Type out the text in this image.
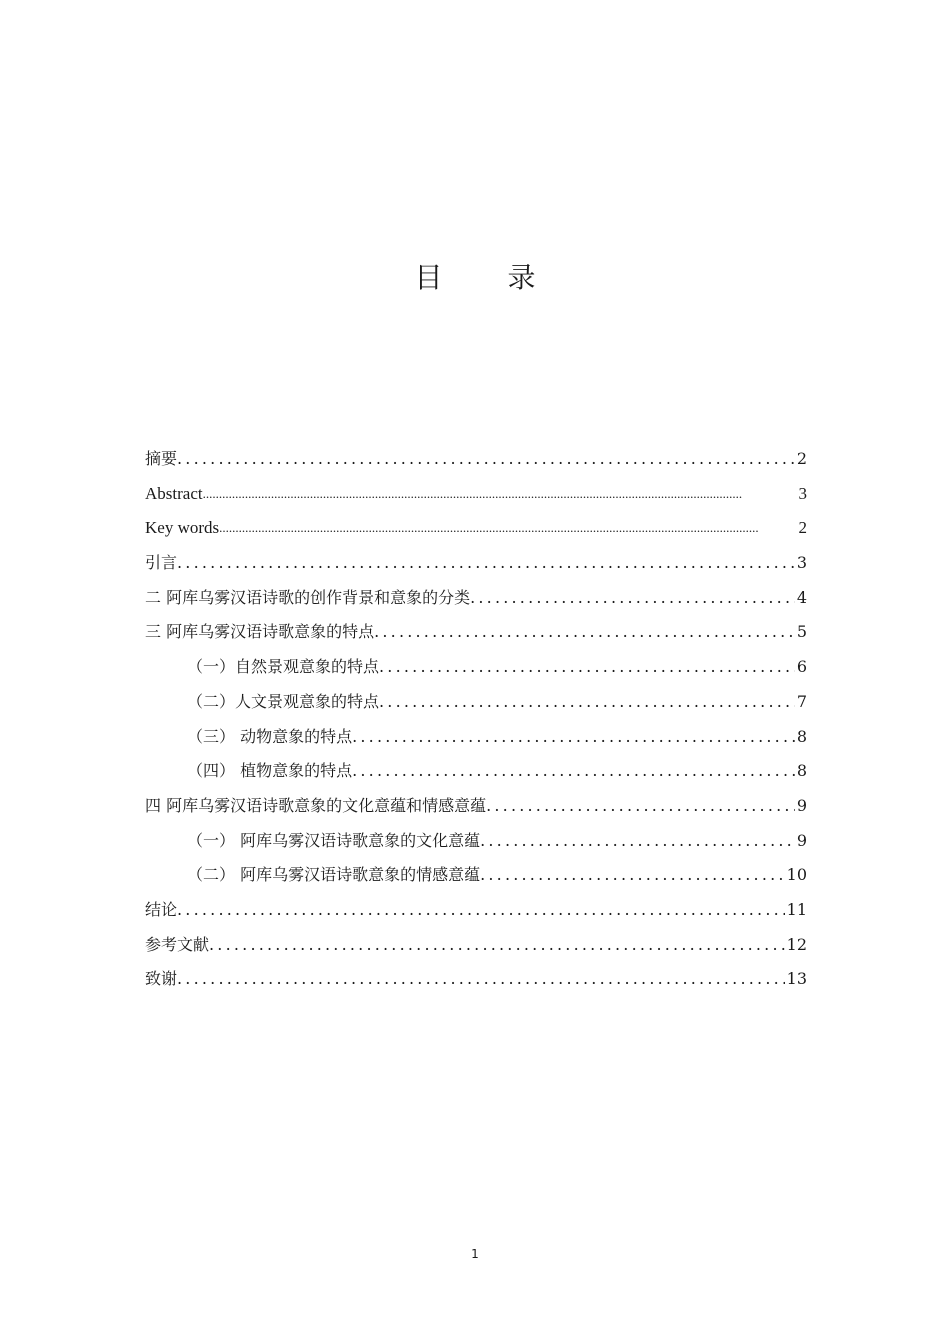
目 录
摘要 .....	2
Abstract .....	3
Key words .....	2
引言 .....	3
二 阿库乌雾汉语诗歌的创作背景和意象的分类 .....	4
三 阿库乌雾汉语诗歌意象的特点 .....	5
（一）自然景观意象的特点 .....	6
（二）人文景观意象的特点 .....	7
（三） 动物意象的特点 .....	8
（四） 植物意象的特点 .....	8
四 阿库乌雾汉语诗歌意象的文化意蕴和情感意蕴 .....	9
（一） 阿库乌雾汉语诗歌意象的文化意蕴 .....	9
（二） 阿库乌雾汉语诗歌意象的情感意蕴 .....	10
结论 .....	11
参考文献 .....	12
致谢 .....	13
1
